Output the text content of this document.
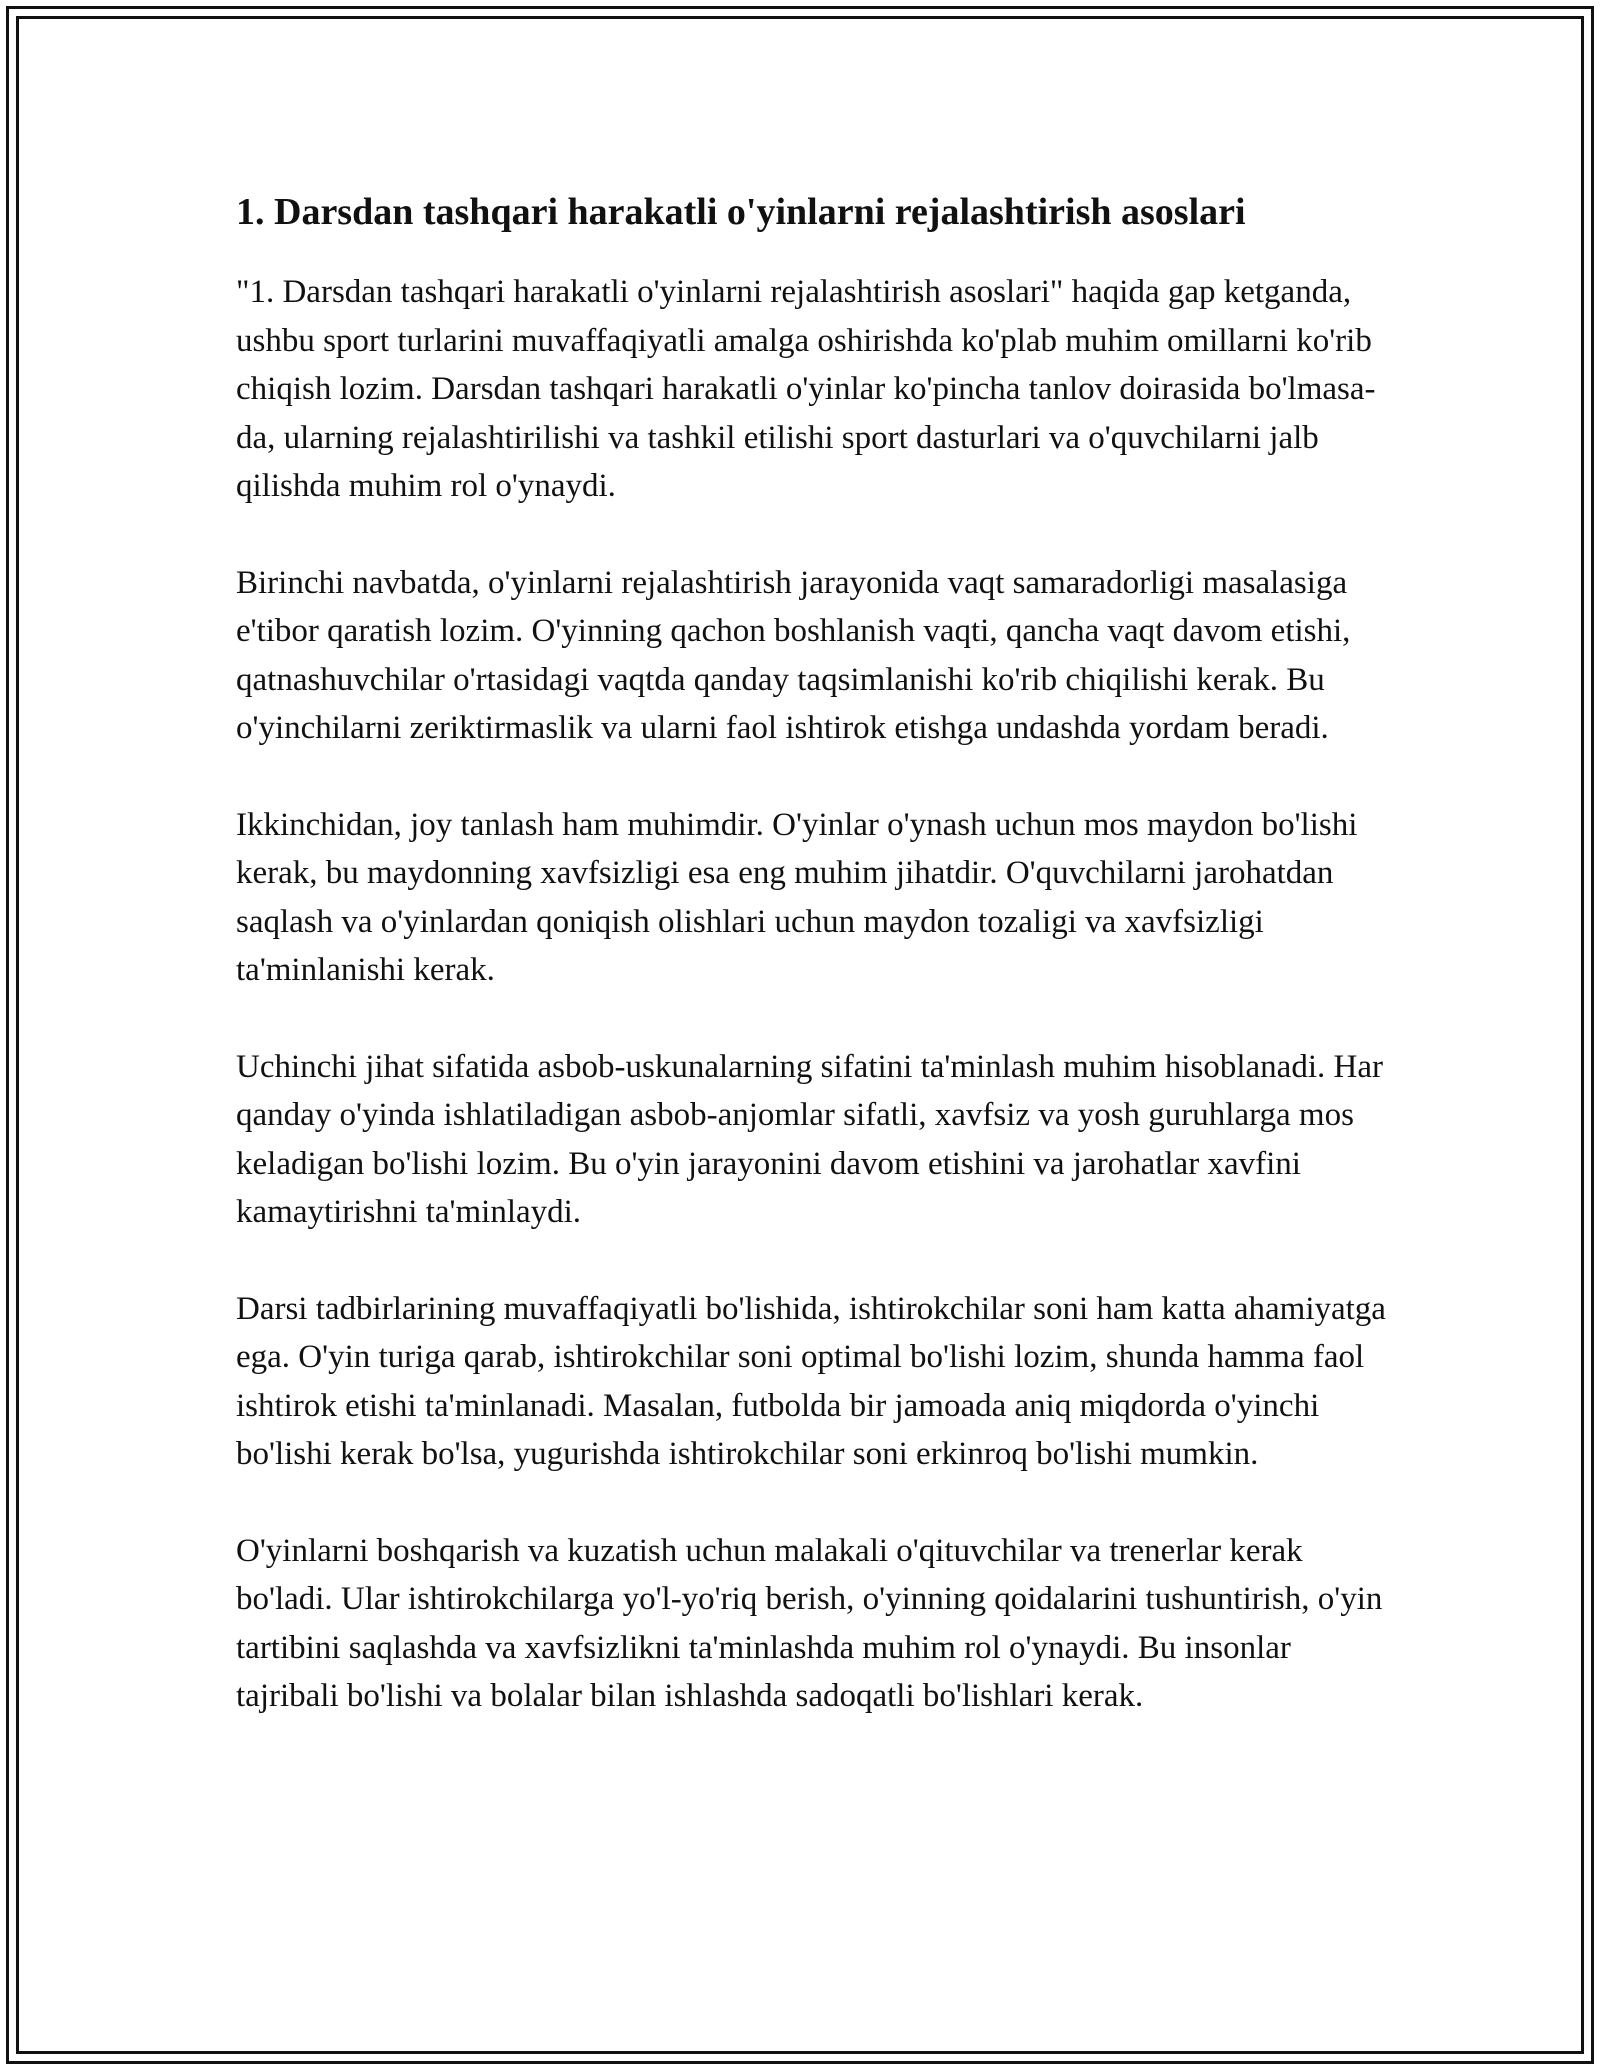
1. Darsdan tashqari harakatli o'yinlarni rejalashtirish asoslari

"1. Darsdan tashqari harakatli o'yinlarni rejalashtirish asoslari" haqida gap ketganda, ushbu sport turlarini muvaffaqiyatli amalga oshirishda ko'plab muhim omillarni ko'rib chiqish lozim. Darsdan tashqari harakatli o'yinlar ko'pincha tanlov doirasida bo'lmasa-da, ularning rejalashtirilishi va tashkil etilishi sport dasturlari va o'quvchilarni jalb qilishda muhim rol o'ynaydi.

Birinchi navbatda, o'yinlarni rejalashtirish jarayonida vaqt samaradorligi masalasiga e'tibor qaratish lozim. O'yinning qachon boshlanish vaqti, qancha vaqt davom etishi, qatnashuvchilar o'rtasidagi vaqtda qanday taqsimlanishi ko'rib chiqilishi kerak. Bu o'yinchilarni zeriktirmaslik va ularni faol ishtirok etishga undashda yordam beradi.

Ikkinchidan, joy tanlash ham muhimdir. O'yinlar o'ynash uchun mos maydon bo'lishi kerak, bu maydonning xavfsizligi esa eng muhim jihatdir. O'quvchilarni jarohatdan saqlash va o'yinlardan qoniqish olishlari uchun maydon tozaligi va xavfsizligi ta'minlanishi kerak.

Uchinchi jihat sifatida asbob-uskunalarning sifatini ta'minlash muhim hisoblanadi. Har qanday o'yinda ishlatiladigan asbob-anjomlar sifatli, xavfsiz va yosh guruhlarga mos keladigan bo'lishi lozim. Bu o'yin jarayonini davom etishini va jarohatlar xavfini kamaytirishni ta'minlaydi.

Darsi tadbirlarining muvaffaqiyatli bo'lishida, ishtirokchilar soni ham katta ahamiyatga ega. O'yin turiga qarab, ishtirokchilar soni optimal bo'lishi lozim, shunda hamma faol ishtirok etishi ta'minlanadi. Masalan, futbolda bir jamoada aniq miqdorda o'yinchi bo'lishi kerak bo'lsa, yugurishda ishtirokchilar soni erkinroq bo'lishi mumkin.

O'yinlarni boshqarish va kuzatish uchun malakali o'qituvchilar va trenerlar kerak bo'ladi. Ular ishtirokchilarga yo'l-yo'riq berish, o'yinning qoidalarini tushuntirish, o'yin tartibini saqlashda va xavfsizlikni ta'minlashda muhim rol o'ynaydi. Bu insonlar tajribali bo'lishi va bolalar bilan ishlashda sadoqatli bo'lishlari kerak.
